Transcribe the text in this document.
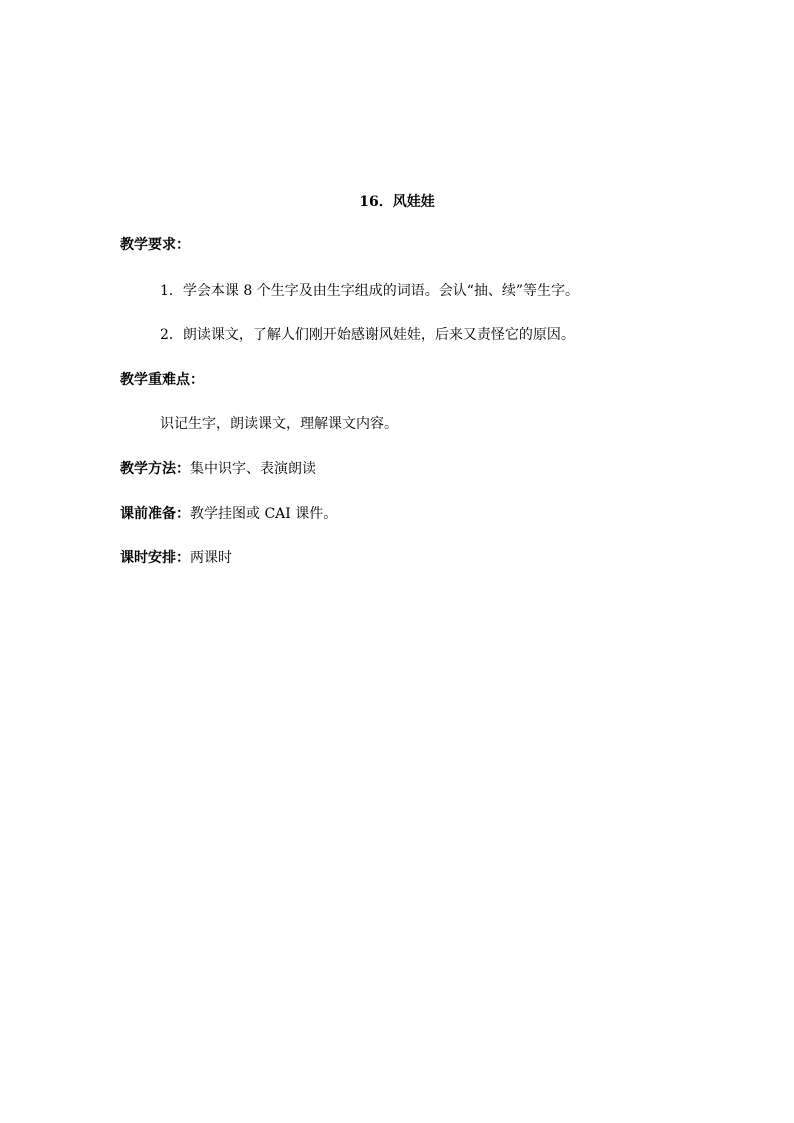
16．风娃娃
教学要求：
1．学会本课 8 个生字及由生字组成的词语。会认“抽、续”等生字。
2．朗读课文，了解人们刚开始感谢风娃娃，后来又责怪它的原因。
教学重难点：
识记生字，朗读课文，理解课文内容。
教学方法：集中识字、表演朗读
课前准备：教学挂图或 CAI 课件。
课时安排：两课时
